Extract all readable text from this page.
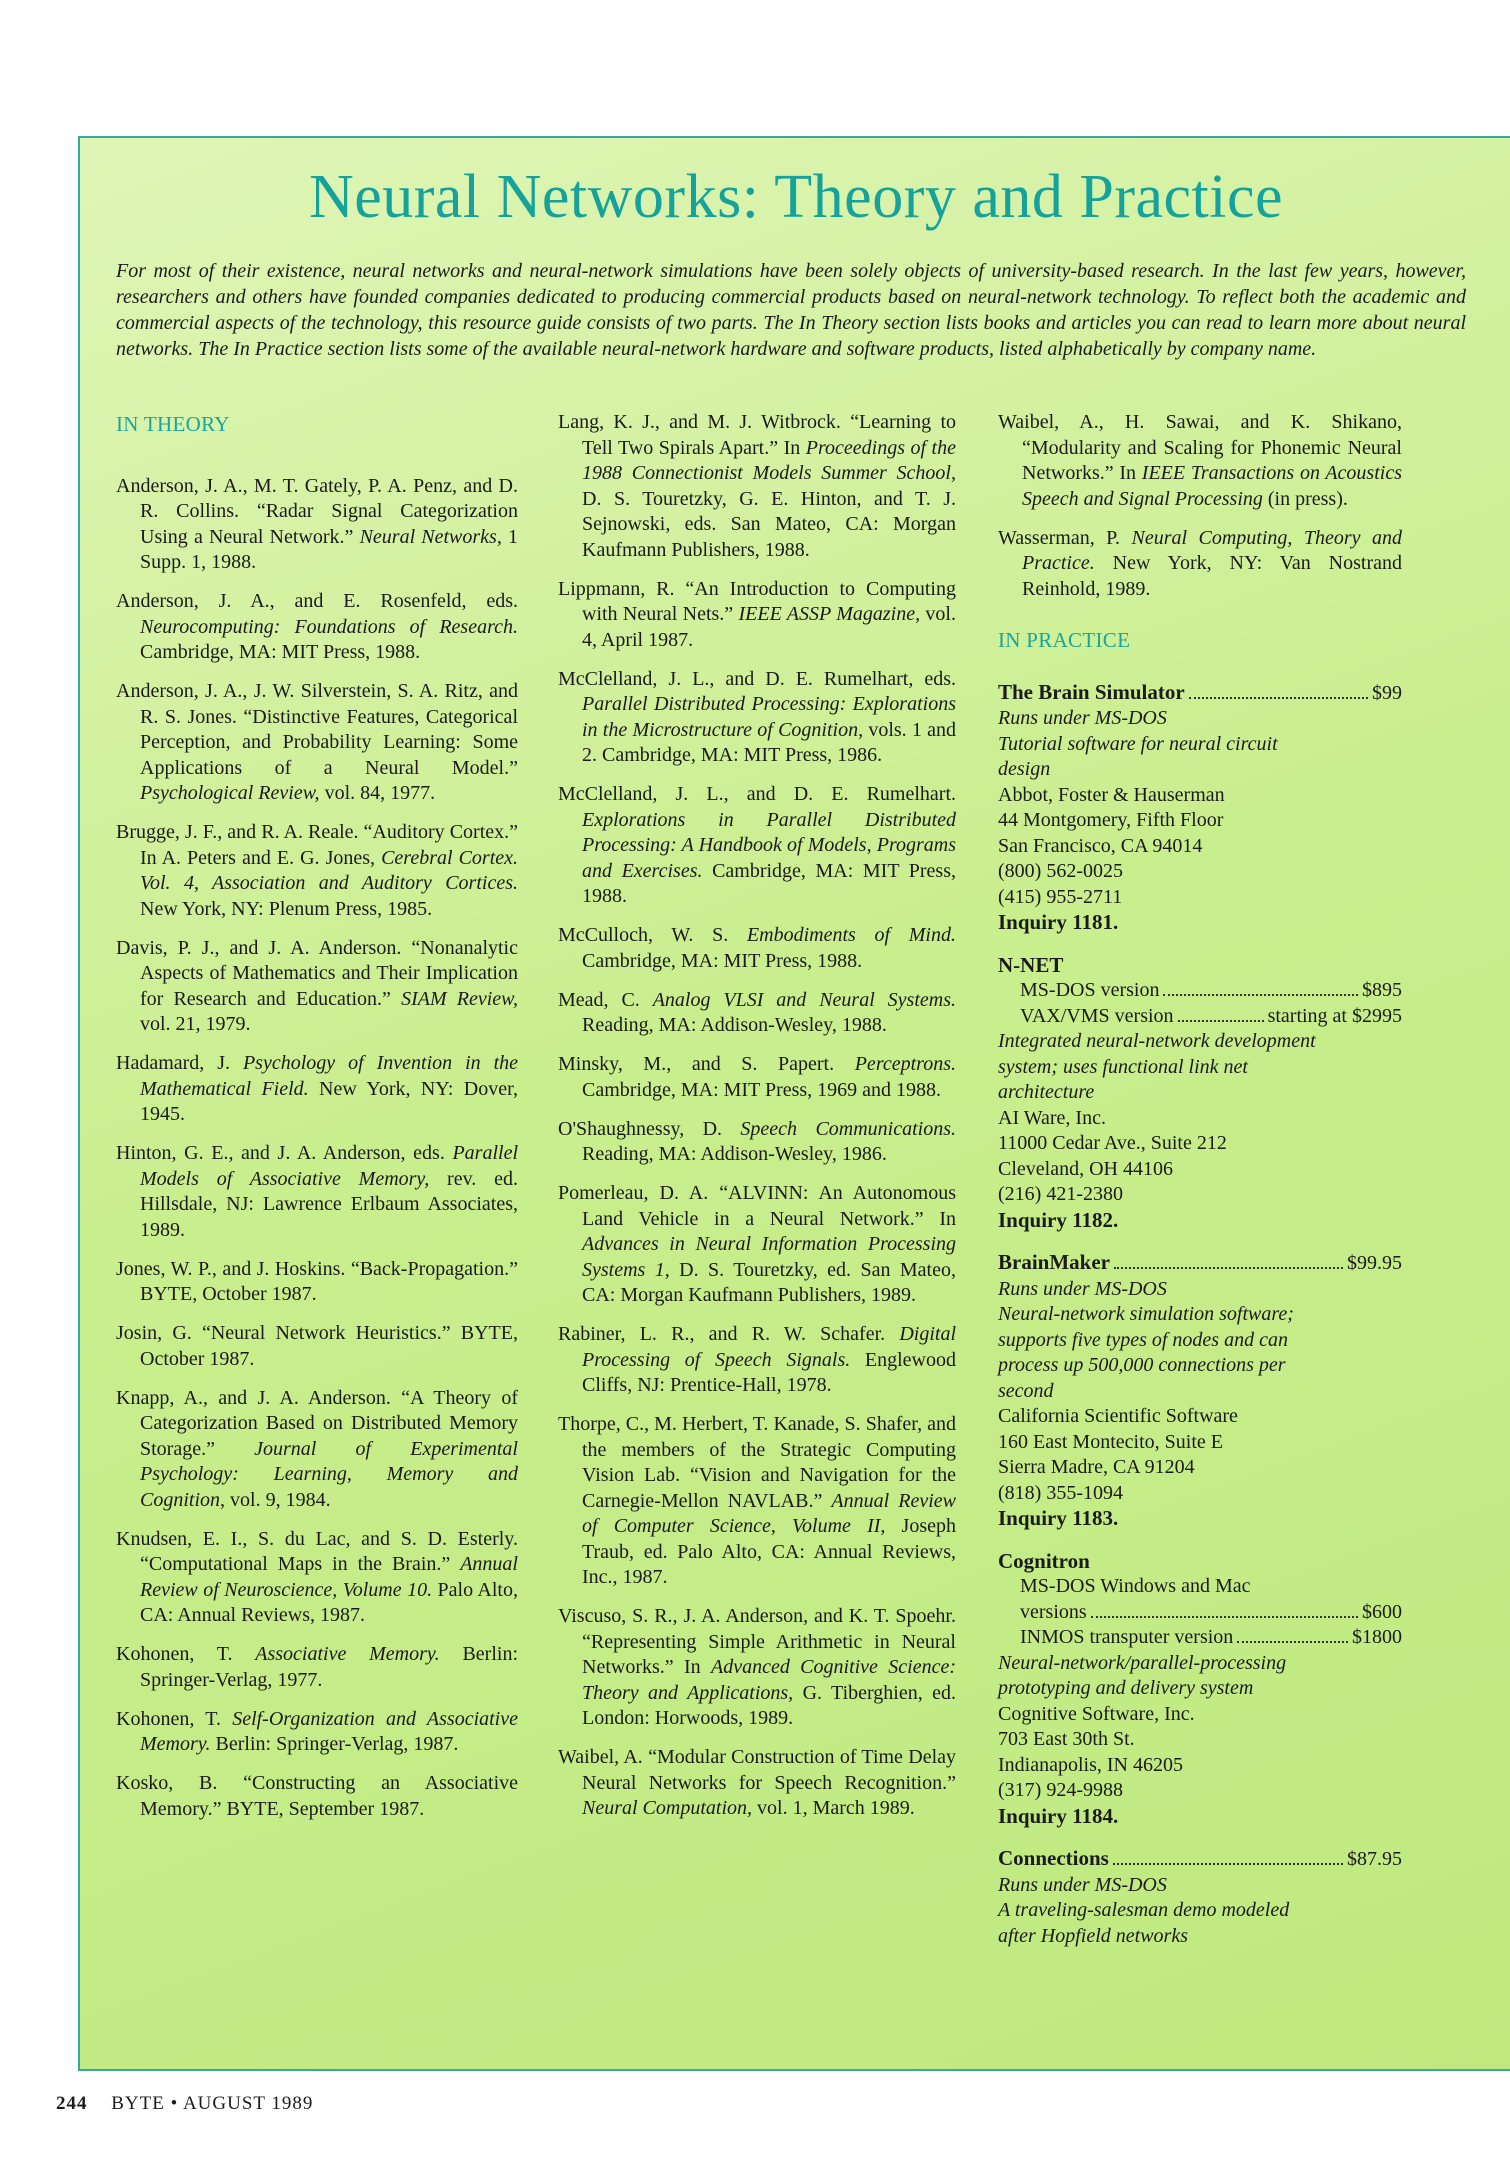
Neural Networks: Theory and Practice
For most of their existence, neural networks and neural-network simulations have been solely objects of university-based research. In the last few years, however, researchers and others have founded companies dedicated to producing commercial products based on neural-network technology. To reflect both the academic and commercial aspects of the technology, this resource guide consists of two parts. The In Theory section lists books and articles you can read to learn more about neural networks. The In Practice section lists some of the available neural-network hardware and software products, listed alphabetically by company name.
IN THEORY
Anderson, J. A., M. T. Gately, P. A. Penz, and D. R. Collins. “Radar Signal Categorization Using a Neural Network.” Neural Networks, 1 Supp. 1, 1988.
Anderson, J. A., and E. Rosenfeld, eds. Neurocomputing: Foundations of Research. Cambridge, MA: MIT Press, 1988.
Anderson, J. A., J. W. Silverstein, S. A. Ritz, and R. S. Jones. “Distinctive Features, Categorical Perception, and Probability Learning: Some Applications of a Neural Model.” Psychological Review, vol. 84, 1977.
Brugge, J. F., and R. A. Reale. “Auditory Cortex.” In A. Peters and E. G. Jones, Cerebral Cortex. Vol. 4, Association and Auditory Cortices. New York, NY: Plenum Press, 1985.
Davis, P. J., and J. A. Anderson. “Nonanalytic Aspects of Mathematics and Their Implication for Research and Education.” SIAM Review, vol. 21, 1979.
Hadamard, J. Psychology of Invention in the Mathematical Field. New York, NY: Dover, 1945.
Hinton, G. E., and J. A. Anderson, eds. Parallel Models of Associative Memory, rev. ed. Hillsdale, NJ: Lawrence Erlbaum Associates, 1989.
Jones, W. P., and J. Hoskins. “Back-Propagation.” BYTE, October 1987.
Josin, G. “Neural Network Heuristics.” BYTE, October 1987.
Knapp, A., and J. A. Anderson. “A Theory of Categorization Based on Distributed Memory Storage.” Journal of Experimental Psychology: Learning, Memory and Cognition, vol. 9, 1984.
Knudsen, E. I., S. du Lac, and S. D. Esterly. “Computational Maps in the Brain.” Annual Review of Neuroscience, Volume 10. Palo Alto, CA: Annual Reviews, 1987.
Kohonen, T. Associative Memory. Berlin: Springer-Verlag, 1977.
Kohonen, T. Self-Organization and Associative Memory. Berlin: Springer-Verlag, 1987.
Kosko, B. “Constructing an Associative Memory.” BYTE, September 1987.
Lang, K. J., and M. J. Witbrock. “Learning to Tell Two Spirals Apart.” In Proceedings of the 1988 Connectionist Models Summer School, D. S. Touretzky, G. E. Hinton, and T. J. Sejnowski, eds. San Mateo, CA: Morgan Kaufmann Publishers, 1988.
Lippmann, R. “An Introduction to Computing with Neural Nets.” IEEE ASSP Magazine, vol. 4, April 1987.
McClelland, J. L., and D. E. Rumelhart, eds. Parallel Distributed Processing: Explorations in the Microstructure of Cognition, vols. 1 and 2. Cambridge, MA: MIT Press, 1986.
McClelland, J. L., and D. E. Rumelhart. Explorations in Parallel Distributed Processing: A Handbook of Models, Programs and Exercises. Cambridge, MA: MIT Press, 1988.
McCulloch, W. S. Embodiments of Mind. Cambridge, MA: MIT Press, 1988.
Mead, C. Analog VLSI and Neural Systems. Reading, MA: Addison-Wesley, 1988.
Minsky, M., and S. Papert. Perceptrons. Cambridge, MA: MIT Press, 1969 and 1988.
O'Shaughnessy, D. Speech Communications. Reading, MA: Addison-Wesley, 1986.
Pomerleau, D. A. “ALVINN: An Autonomous Land Vehicle in a Neural Network.” In Advances in Neural Information Processing Systems 1, D. S. Touretzky, ed. San Mateo, CA: Morgan Kaufmann Publishers, 1989.
Rabiner, L. R., and R. W. Schafer. Digital Processing of Speech Signals. Englewood Cliffs, NJ: Prentice-Hall, 1978.
Thorpe, C., M. Herbert, T. Kanade, S. Shafer, and the members of the Strategic Computing Vision Lab. “Vision and Navigation for the Carnegie-Mellon NAVLAB.” Annual Review of Computer Science, Volume II, Joseph Traub, ed. Palo Alto, CA: Annual Reviews, Inc., 1987.
Viscuso, S. R., J. A. Anderson, and K. T. Spoehr. “Representing Simple Arithmetic in Neural Networks.” In Advanced Cognitive Science: Theory and Applications, G. Tiberghien, ed. London: Horwoods, 1989.
Waibel, A. “Modular Construction of Time Delay Neural Networks for Speech Recognition.” Neural Computation, vol. 1, March 1989.
Waibel, A., H. Sawai, and K. Shikano, “Modularity and Scaling for Phonemic Neural Networks.” In IEEE Transactions on Acoustics Speech and Signal Processing (in press).
Wasserman, P. Neural Computing, Theory and Practice. New York, NY: Van Nostrand Reinhold, 1989.
IN PRACTICE
The Brain Simulator	$99
Runs under MS-DOS
Tutorial software for neural circuit
design
Abbot, Foster & Hauserman
44 Montgomery, Fifth Floor
San Francisco, CA 94014
(800) 562-0025
(415) 955-2711
Inquiry 1181.
N-NET
MS-DOS version	$895
VAX/VMS version	starting at $2995
Integrated neural-network development
system; uses functional link net
architecture
AI Ware, Inc.
11000 Cedar Ave., Suite 212
Cleveland, OH 44106
(216) 421-2380
Inquiry 1182.
BrainMaker	$99.95
Runs under MS-DOS
Neural-network simulation software;
supports five types of nodes and can
process up 500,000 connections per
second
California Scientific Software
160 East Montecito, Suite E
Sierra Madre, CA 91204
(818) 355-1094
Inquiry 1183.
Cognitron
MS-DOS Windows and Mac
versions	$600
INMOS transputer version	$1800
Neural-network/parallel-processing
prototyping and delivery system
Cognitive Software, Inc.
703 East 30th St.
Indianapolis, IN 46205
(317) 924-9988
Inquiry 1184.
Connections	$87.95
Runs under MS-DOS
A traveling-salesman demo modeled
after Hopfield networks
244 BYTE • AUGUST 1989
